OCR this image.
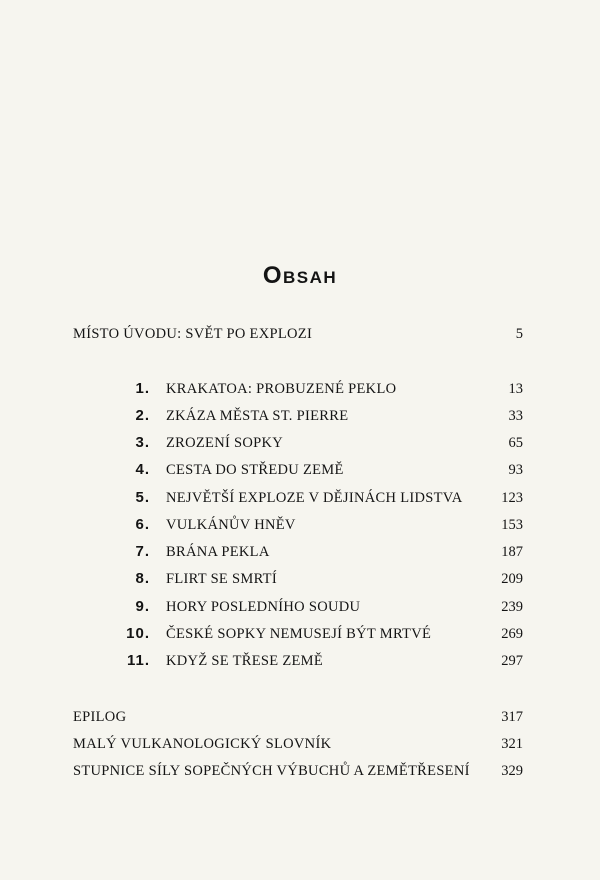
Obsah
MÍSTO ÚVODU: SVĚT PO EXPLOZI	5
1. KRAKATOA: PROBUZENÉ PEKLO	13
2. ZKÁZA MĚSTA ST. PIERRE	33
3. ZROZENÍ SOPKY	65
4. CESTA DO STŘEDU ZEMĚ	93
5. NEJVĚTŠÍ EXPLOZE V DĚJINÁCH LIDSTVA	123
6. VULKÁNŮV HNĚV	153
7. BRÁNA PEKLA	187
8. FLIRT SE SMRTÍ	209
9. HORY POSLEDNÍHO SOUDU	239
10. ČESKÉ SOPKY NEMUSEJÍ BÝT MRTVÉ	269
11. KDYŽ SE TŘESE ZEMĚ	297
EPILOG	317
MALÝ VULKANOLOGICKÝ SLOVNÍK	321
STUPNICE SÍLY SOPEČNÝCH VÝBUCHŮ A ZEMĚTŘESENÍ 329
